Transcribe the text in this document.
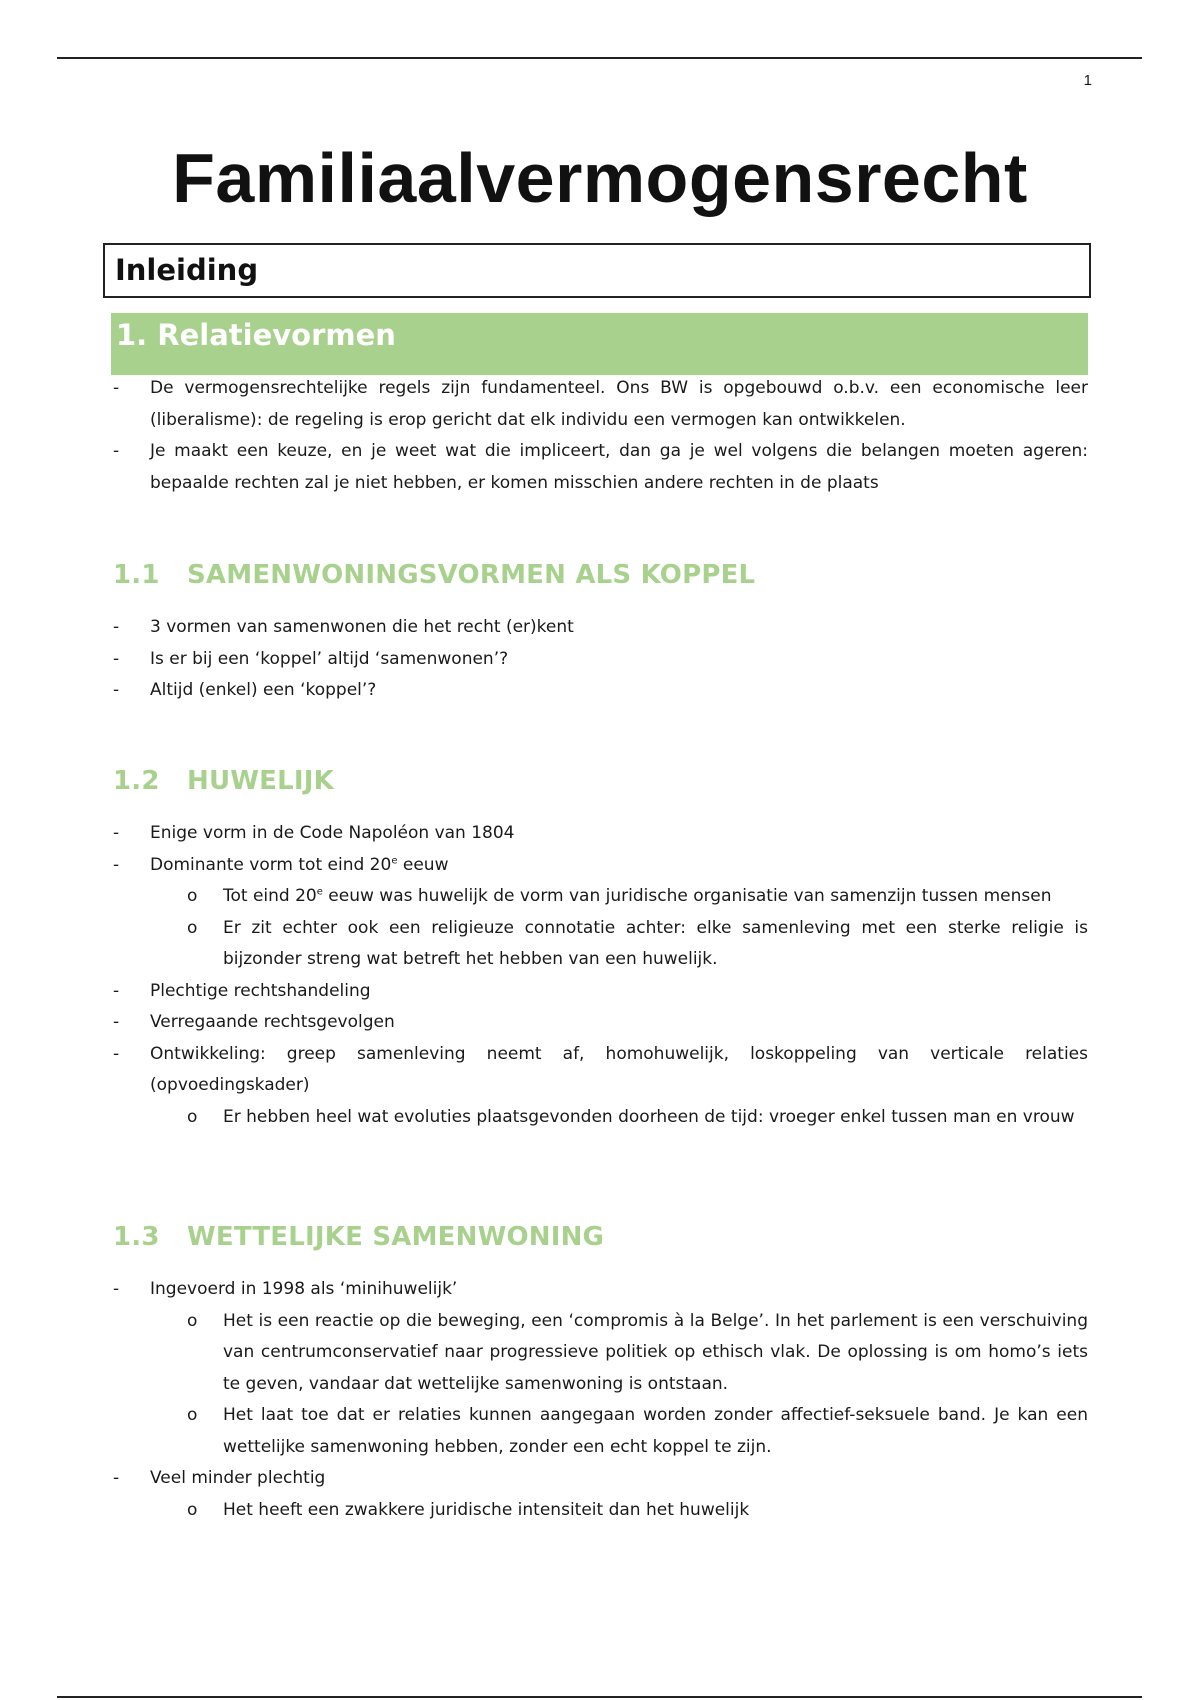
1
Familiaalvermogensrecht
Inleiding
1. Relatievormen
-	De vermogensrechtelijke regels zijn fundamenteel. Ons BW is opgebouwd o.b.v. een economische leer (liberalisme): de regeling is erop gericht dat elk individu een vermogen kan ontwikkelen.
-	Je maakt een keuze, en je weet wat die impliceert, dan ga je wel volgens die belangen moeten ageren: bepaalde rechten zal je niet hebben, er komen misschien andere rechten in de plaats
1.1 SAMENWONINGSVORMEN ALS KOPPEL
-	3 vormen van samenwonen die het recht (er)kent
-	Is er bij een ‘koppel’ altijd ‘samenwonen’?
-	Altijd (enkel) een ‘koppel’?
1.2 HUWELIJK
-	Enige vorm in de Code Napoléon van 1804
-	Dominante vorm tot eind 20e eeuw
o	Tot eind 20e eeuw was huwelijk de vorm van juridische organisatie van samenzijn tussen mensen
o	Er zit echter ook een religieuze connotatie achter: elke samenleving met een sterke religie is bijzonder streng wat betreft het hebben van een huwelijk.
-	Plechtige rechtshandeling
-	Verregaande rechtsgevolgen
-	Ontwikkeling: greep samenleving neemt af, homohuwelijk, loskoppeling van verticale relaties (opvoedingskader)
o	Er hebben heel wat evoluties plaatsgevonden doorheen de tijd: vroeger enkel tussen man en vrouw
1.3 WETTELIJKE SAMENWONING
-	Ingevoerd in 1998 als ‘minihuwelijk’
o	Het is een reactie op die beweging, een ‘compromis à la Belge’. In het parlement is een verschuiving van centrumconservatief naar progressieve politiek op ethisch vlak. De oplossing is om homo’s iets te geven, vandaar dat wettelijke samenwoning is ontstaan.
o	Het laat toe dat er relaties kunnen aangegaan worden zonder affectief-seksuele band. Je kan een wettelijke samenwoning hebben, zonder een echt koppel te zijn.
-	Veel minder plechtig
o	Het heeft een zwakkere juridische intensiteit dan het huwelijk
